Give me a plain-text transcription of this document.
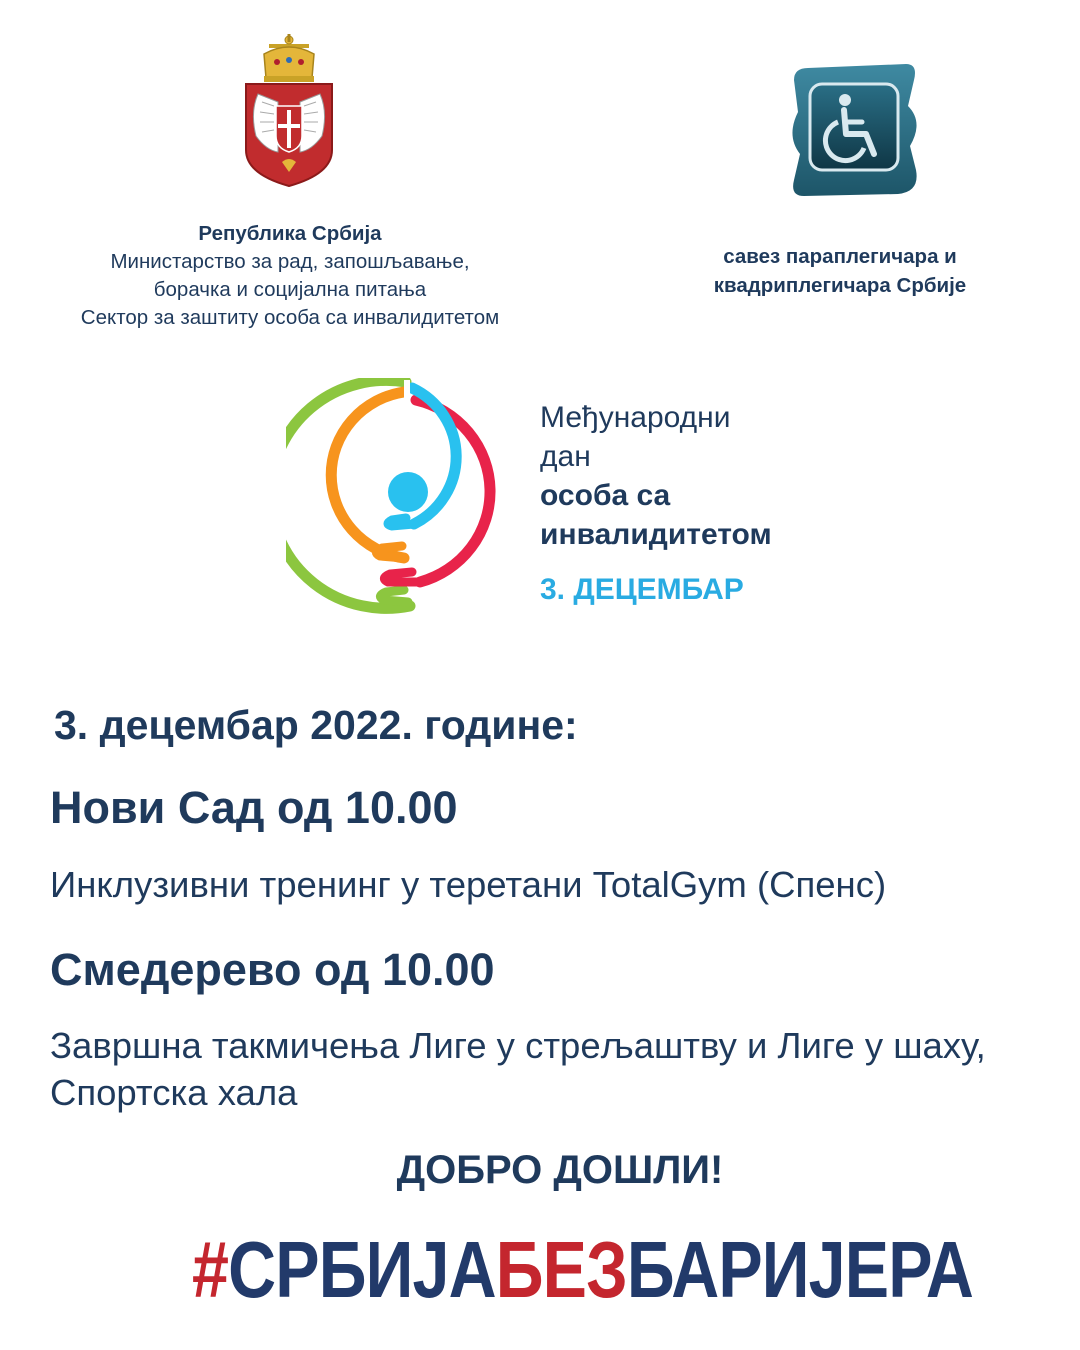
Република Србија
Министарство за рад, запошљавање,
борачка и социјална питања
Сектор за заштиту особа са инвалидитетом
савез параплегичара и
квадриплегичара Србије
Међународни
дан
особа са
инвалидитетом
3. ДЕЦЕМБАР
3. децембар 2022. године:
Нови Сад од 10.00
Инклузивни тренинг у теретани TotalGym (Спенс)
Смедерево од 10.00
Завршна такмичења Лиге у стрељаштву и Лиге у шаху, Спортска хала
ДОБРО ДОШЛИ!
#СРБИЈАБЕЗБАРИЈЕРА
